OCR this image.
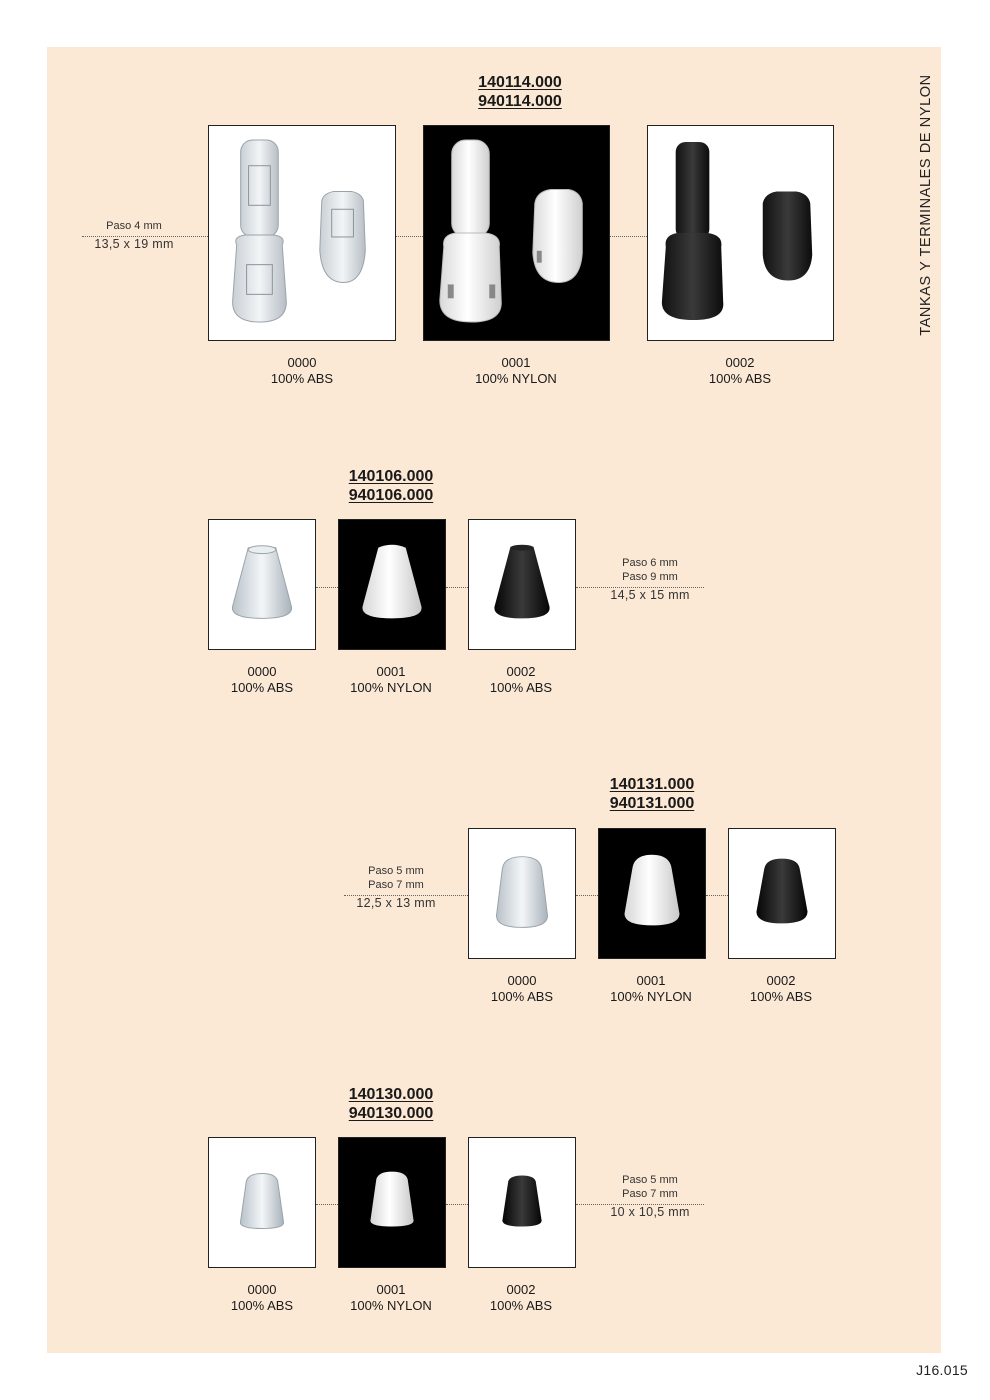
TANKAS Y TERMINALES DE NYLON
J16.015
140114.000
940114.000
Paso 4 mm
13,5 x 19 mm
0000
100% ABS
0001
100% NYLON
0002
100% ABS
140106.000
940106.000
Paso 6 mm
Paso 9 mm
14,5 x 15 mm
0000
100% ABS
0001
100% NYLON
0002
100% ABS
140131.000
940131.000
Paso 5 mm
Paso 7 mm
12,5 x 13 mm
0000
100% ABS
0001
100% NYLON
0002
100% ABS
140130.000
940130.000
Paso 5 mm
Paso 7 mm
10 x 10,5 mm
0000
100% ABS
0001
100% NYLON
0002
100% ABS
